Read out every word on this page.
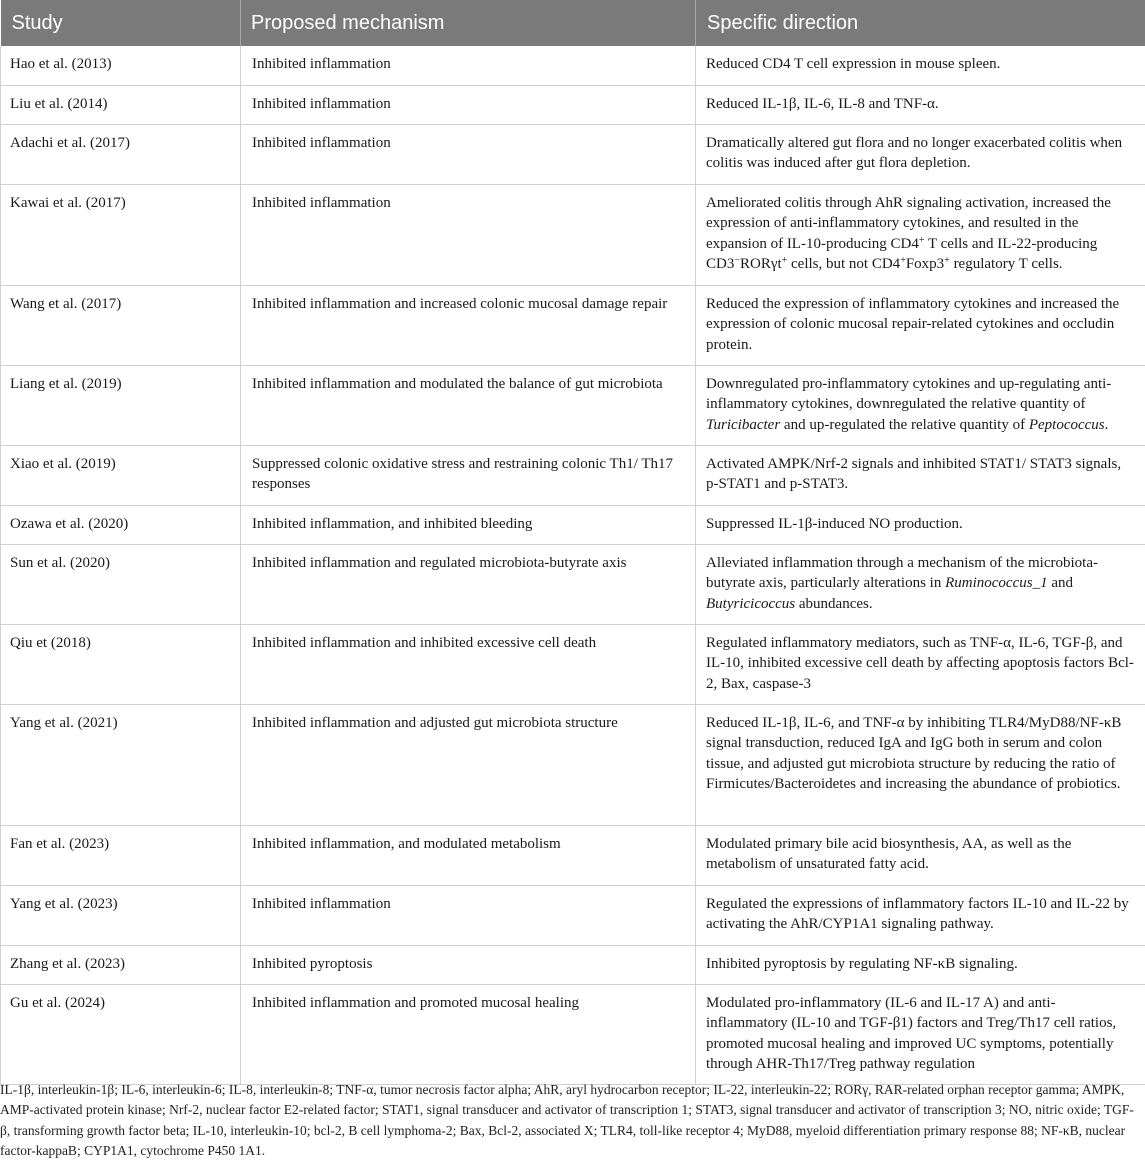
Study	Proposed mechanism	Specific direction
Hao et al. (2013)	Inhibited inflammation	Reduced CD4 T cell expression in mouse spleen.
Liu et al. (2014)	Inhibited inflammation	Reduced IL-1β, IL-6, IL-8 and TNF-α.
Adachi et al. (2017)	Inhibited inflammation	Dramatically altered gut flora and no longer exacerbated colitis when colitis was induced after gut flora depletion.
Kawai et al. (2017)	Inhibited inflammation	Ameliorated colitis through AhR signaling activation, increased the expression of anti-inflammatory cytokines, and resulted in the expansion of IL-10-producing CD4+ T cells and IL-22-producing CD3−RORγt+ cells, but not CD4+Foxp3+ regulatory T cells.
Wang et al. (2017)	Inhibited inflammation and increased colonic mucosal damage repair	Reduced the expression of inflammatory cytokines and increased the expression of colonic mucosal repair-related cytokines and occludin protein.
Liang et al. (2019)	Inhibited inflammation and modulated the balance of gut microbiota	Downregulated pro-inflammatory cytokines and up-regulating anti-inflammatory cytokines, downregulated the relative quantity of Turicibacter and up-regulated the relative quantity of Peptococcus.
Xiao et al. (2019)	Suppressed colonic oxidative stress and restraining colonic Th1/ Th17 responses	Activated AMPK/Nrf-2 signals and inhibited STAT1/ STAT3 signals, p-STAT1 and p-STAT3.
Ozawa et al. (2020)	Inhibited inflammation, and inhibited bleeding	Suppressed IL-1β-induced NO production.
Sun et al. (2020)	Inhibited inflammation and regulated microbiota-butyrate axis	Alleviated inflammation through a mechanism of the microbiota-butyrate axis, particularly alterations in Ruminococcus_1 and Butyricicoccus abundances.
Qiu et (2018)	Inhibited inflammation and inhibited excessive cell death	Regulated inflammatory mediators, such as TNF-α, IL-6, TGF-β, and IL-10, inhibited excessive cell death by affecting apoptosis factors Bcl-2, Bax, caspase-3
Yang et al. (2021)	Inhibited inflammation and adjusted gut microbiota structure	Reduced IL-1β, IL-6, and TNF-α by inhibiting TLR4/MyD88/NF-κB signal transduction, reduced IgA and IgG both in serum and colon tissue, and adjusted gut microbiota structure by reducing the ratio of Firmicutes/Bacteroidetes and increasing the abundance of probiotics.
Fan et al. (2023)	Inhibited inflammation, and modulated metabolism	Modulated primary bile acid biosynthesis, AA, as well as the metabolism of unsaturated fatty acid.
Yang et al. (2023)	Inhibited inflammation	Regulated the expressions of inflammatory factors IL-10 and IL-22 by activating the AhR/CYP1A1 signaling pathway.
Zhang et al. (2023)	Inhibited pyroptosis	Inhibited pyroptosis by regulating NF-κB signaling.
Gu et al. (2024)	Inhibited inflammation and promoted mucosal healing	Modulated pro-inflammatory (IL-6 and IL-17 A) and anti-inflammatory (IL-10 and TGF-β1) factors and Treg/Th17 cell ratios, promoted mucosal healing and improved UC symptoms, potentially through AHR-Th17/Treg pathway regulation

IL-1β, interleukin-1β; IL-6, interleukin-6; IL-8, interleukin-8; TNF-α, tumor necrosis factor alpha; AhR, aryl hydrocarbon receptor; IL-22, interleukin-22; RORγ, RAR-related orphan receptor gamma; AMPK, AMP-activated protein kinase; Nrf-2, nuclear factor E2-related factor; STAT1, signal transducer and activator of transcription 1; STAT3, signal transducer and activator of transcription 3; NO, nitric oxide; TGF-β, transforming growth factor beta; IL-10, interleukin-10; bcl-2, B cell lymphoma-2; Bax, Bcl-2, associated X; TLR4, toll-like receptor 4; MyD88, myeloid differentiation primary response 88; NF-κB, nuclear factor-kappaB; CYP1A1, cytochrome P450 1A1.
